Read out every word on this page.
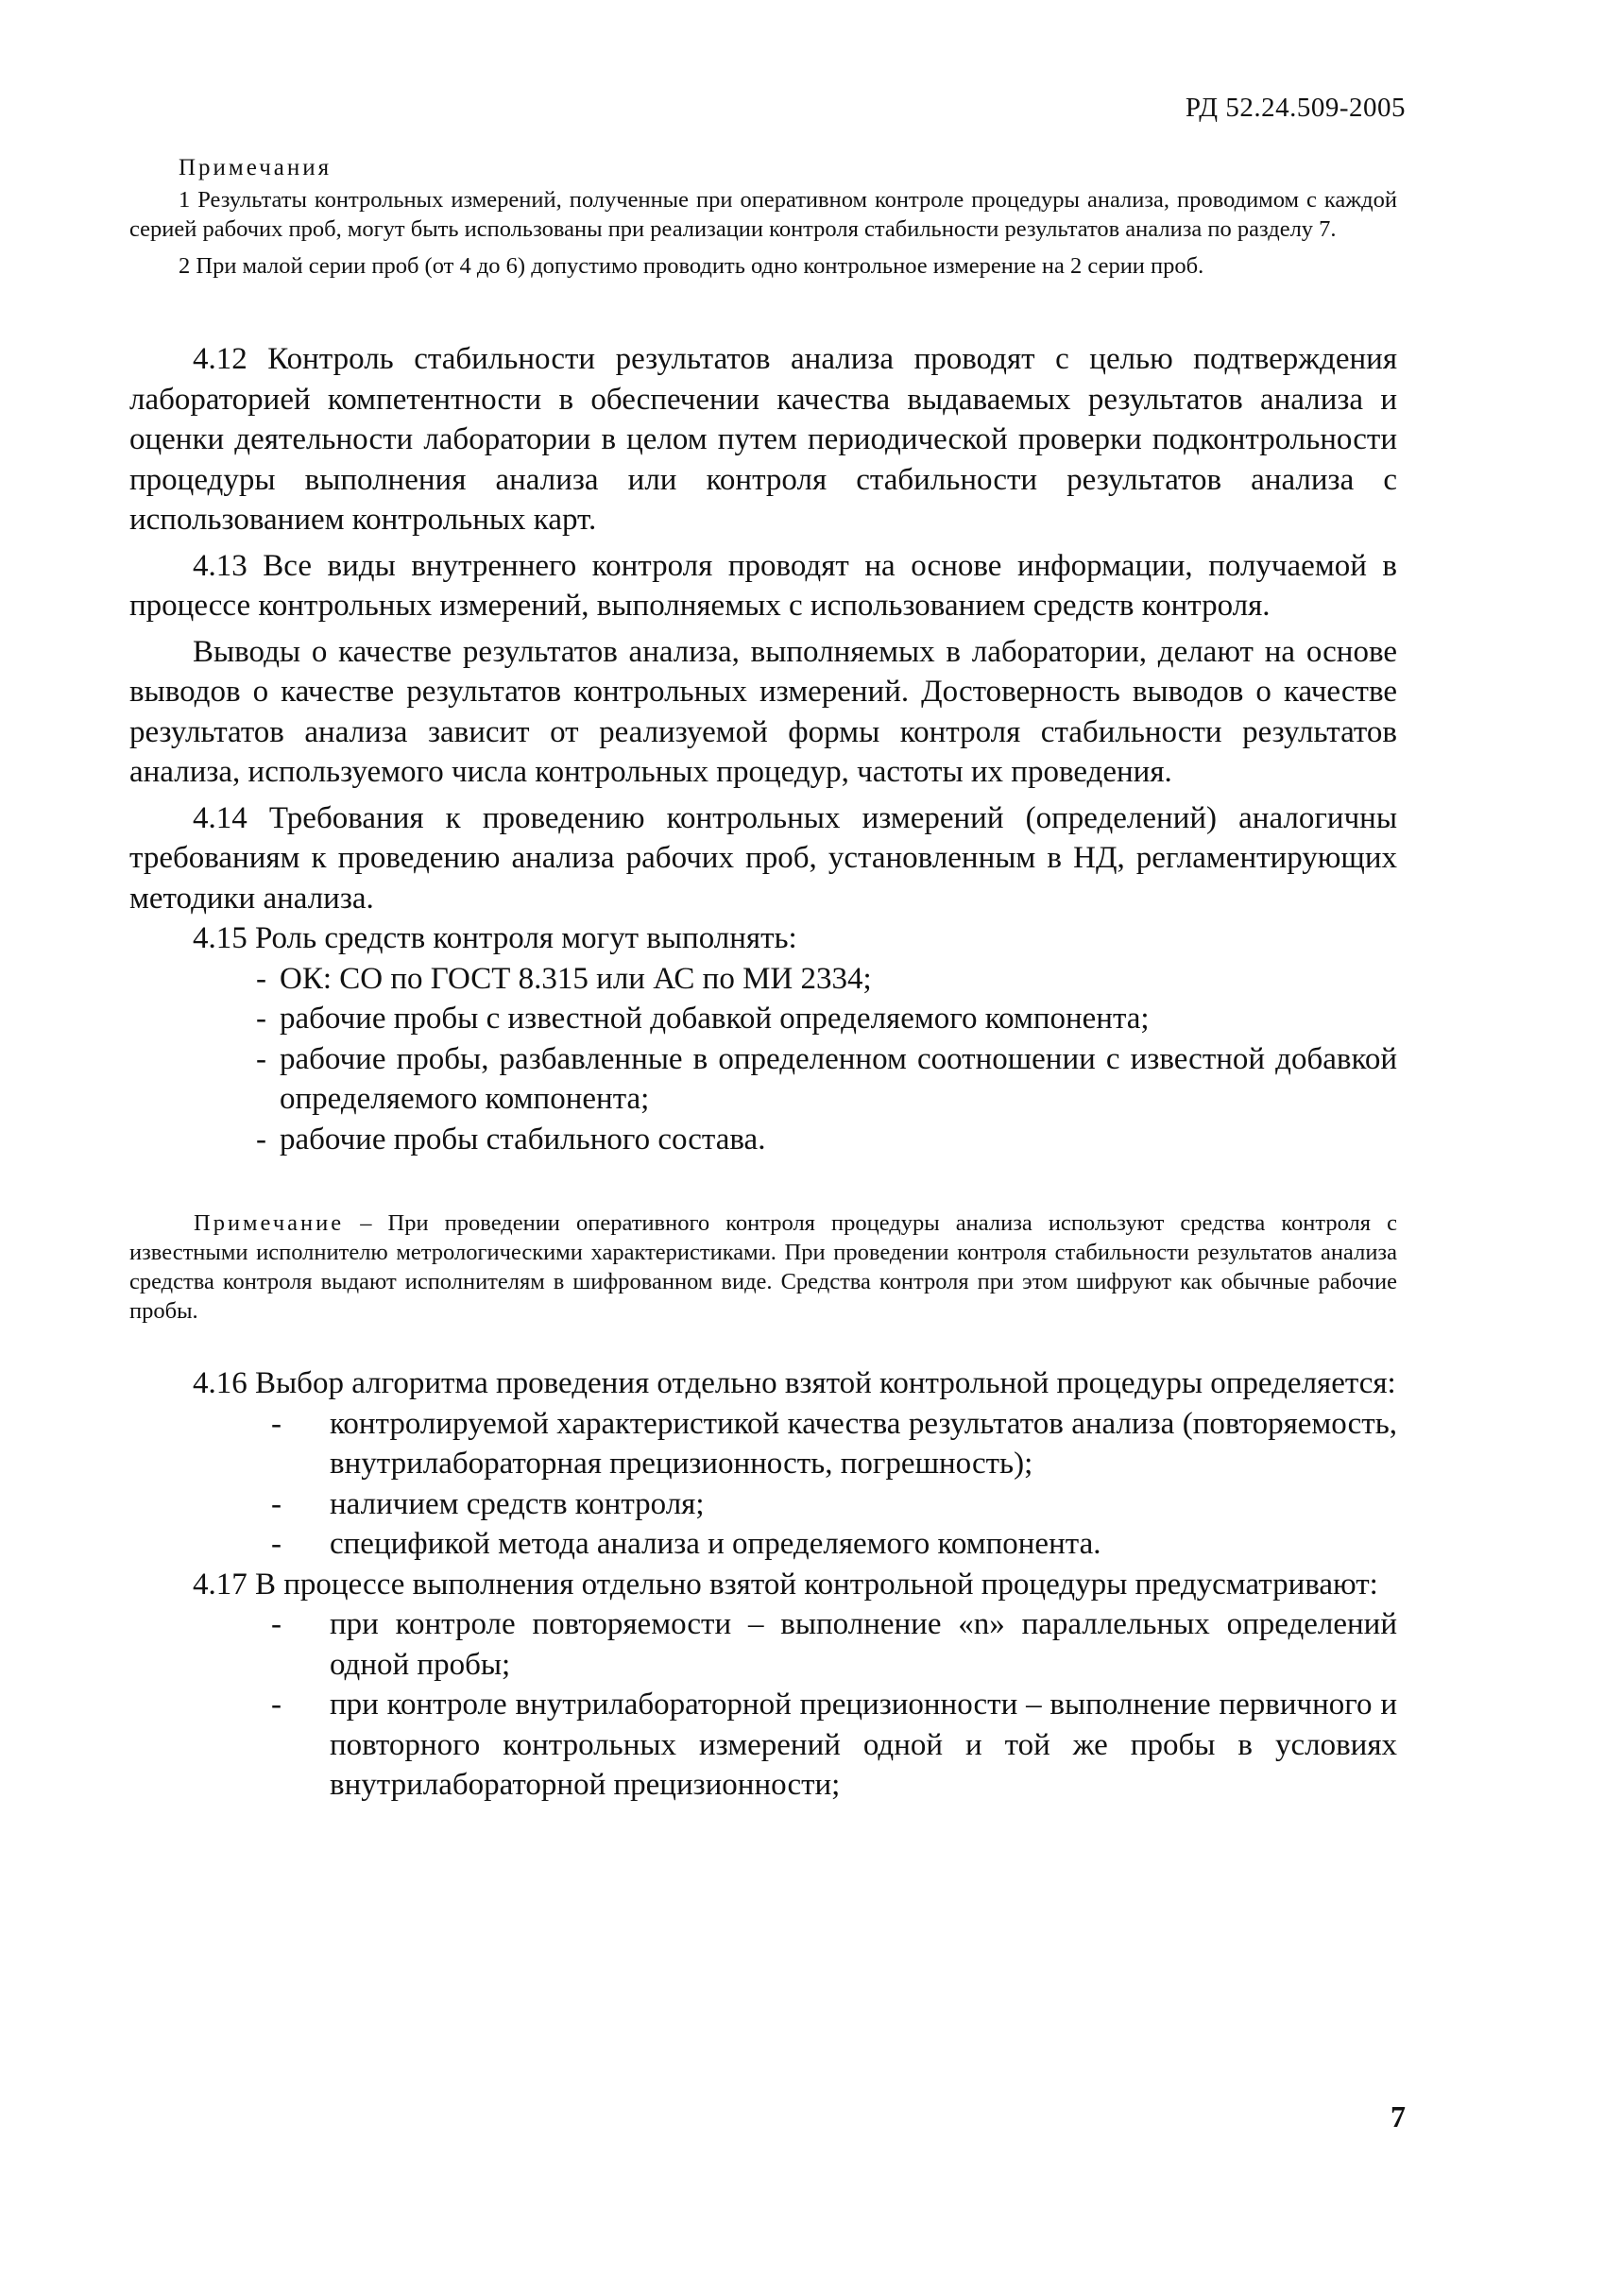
РД 52.24.509-2005

Примечания

1 Результаты контрольных измерений, полученные при оперативном контроле процедуры анализа, проводимом с каждой серией рабочих проб, могут быть использованы при реализации контроля стабильности результатов анализа по разделу 7.

2 При малой серии проб (от 4 до 6) допустимо проводить одно контрольное измерение на 2 серии проб.

4.12 Контроль стабильности результатов анализа проводят с целью подтверждения лабораторией компетентности в обеспечении качества выдаваемых результатов анализа и оценки деятельности лаборатории в целом путем периодической проверки подконтрольности процедуры выполнения анализа или контроля стабильности результатов анализа с использованием контрольных карт.

4.13 Все виды внутреннего контроля проводят на основе информации, получаемой в процессе контрольных измерений, выполняемых с использованием средств контроля.

Выводы о качестве результатов анализа, выполняемых в лаборатории, делают на основе выводов о качестве результатов контрольных измерений. Достоверность выводов о качестве результатов анализа зависит от реализуемой формы контроля стабильности результатов анализа, используемого числа контрольных процедур, частоты их проведения.

4.14 Требования к проведению контрольных измерений (определений) аналогичны требованиям к проведению анализа рабочих проб, установленным в НД, регламентирующих методики анализа.

4.15 Роль средств контроля могут выполнять:

- ОК: СО по ГОСТ 8.315 или АС по МИ 2334;
- рабочие пробы с известной добавкой определяемого компонента;
- рабочие пробы, разбавленные в определенном соотношении с известной добавкой определяемого компонента;
- рабочие пробы стабильного состава.

Примечание – При проведении оперативного контроля процедуры анализа используют средства контроля с известными исполнителю метрологическими характеристиками. При проведении контроля стабильности результатов анализа средства контроля выдают исполнителям в шифрованном виде. Средства контроля при этом шифруют как обычные рабочие пробы.

4.16 Выбор алгоритма проведения отдельно взятой контрольной процедуры определяется:

- контролируемой характеристикой качества результатов анализа (повторяемость, внутрилабораторная прецизионность, погрешность);
- наличием средств контроля;
- спецификой метода анализа и определяемого компонента.

4.17 В процессе выполнения отдельно взятой контрольной процедуры предусматривают:

- при контроле повторяемости – выполнение «n» параллельных определений одной пробы;
- при контроле внутрилабораторной прецизионности – выполнение первичного и повторного контрольных измерений одной и той же пробы в условиях внутрилабораторной прецизионности;
7
